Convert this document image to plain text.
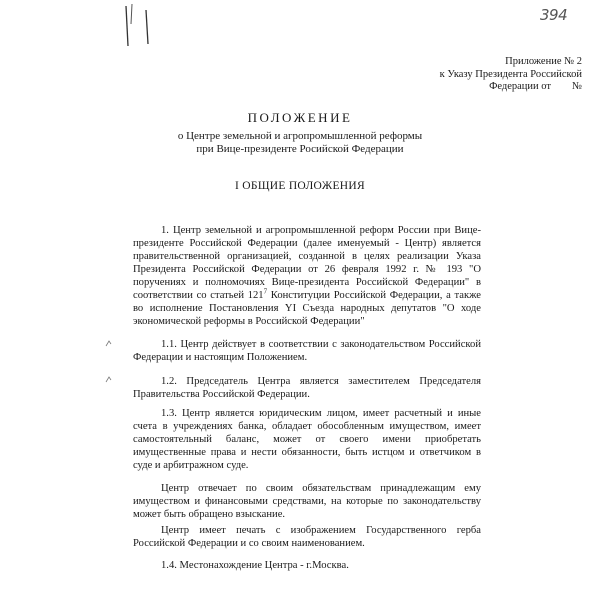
394
Приложение № 2
к Указу Президента Российской
Федерации от        №
ПОЛОЖЕНИЕ
о Центре земельной и агропромышленной реформы
при Вице-президенте Росийской Федерации
I ОБЩИЕ ПОЛОЖЕНИЯ

1. Центр земельной и агропромышленной реформ России при Вице-президенте Российской Федерации (далее именуемый - Центр) является правительственной организацией, созданной в целях реализации Указа Президента Российской Федерации от 26 февраля 1992 г. № 193 "О поручениях и полномочиях Вице-президента Российской Федерации" в соответствии со статьей $121^7$ Конституции Российской Федерации, а также во исполнение Постановления YI Съезда народных депутатов "О ходе экономической реформы в Российской Федерации"

1.1. Центр действует в соответствии с законодательством Российской Федерации и настоящим Положением.

1.2. Председатель Центра является заместителем Председателя Правительства Российской Федерации.

1.3. Центр является юридическим лицом, имеет расчетный и иные счета в учреждениях банка, обладает обособленным имуществом, имеет самостоятельный баланс, может от своего имени приобретать имущественные права и нести обязанности, быть истцом и ответчиком в суде и арбитражном суде.

Центр отвечает по своим обязательствам принадлежащим ему имуществом и финансовыми средствами, на которые по законодательству может быть обращено взыскание.

Центр имеет печать с изображением Государственного герба Российской Федерации и со своим наименованием.

1.4. Местонахождение Центра - г.Москва.
